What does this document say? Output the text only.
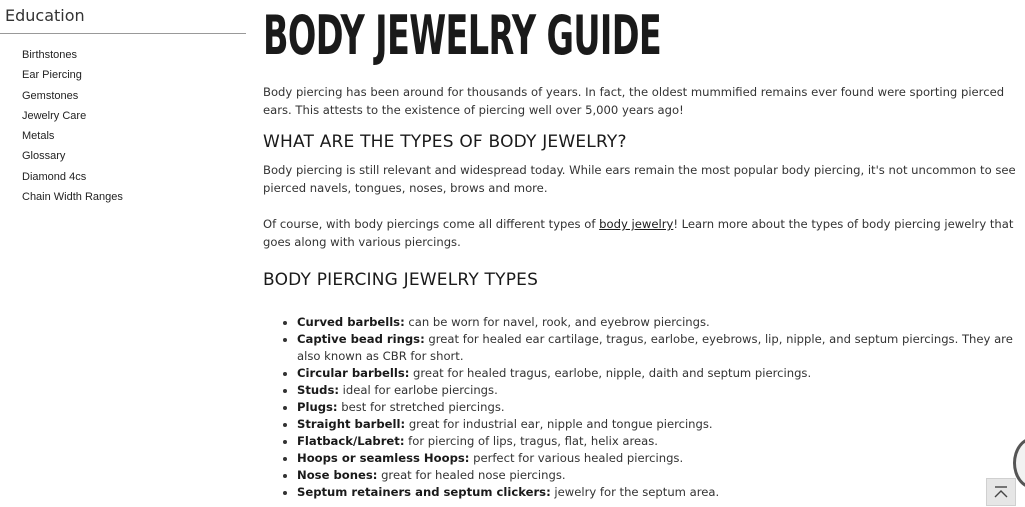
Education
Birthstones
Ear Piercing
Gemstones
Jewelry Care
Metals
Glossary
Diamond 4cs
Chain Width Ranges
BODY JEWELRY GUIDE

Body piercing has been around for thousands of years. In fact, the oldest mummified remains ever found were sporting pierced ears. This attests to the existence of piercing well over 5,000 years ago!

WHAT ARE THE TYPES OF BODY JEWELRY?

Body piercing is still relevant and widespread today. While ears remain the most popular body piercing, it's not uncommon to see pierced navels, tongues, noses, brows and more.

Of course, with body piercings come all different types of body jewelry! Learn more about the types of body piercing jewelry that goes along with various piercings.

BODY PIERCING JEWELRY TYPES
• Curved barbells: can be worn for navel, rook, and eyebrow piercings.
• Captive bead rings: great for healed ear cartilage, tragus, earlobe, eyebrows, lip, nipple, and septum piercings. They are also known as CBR for short.
• Circular barbells: great for healed tragus, earlobe, nipple, daith and septum piercings.
• Studs: ideal for earlobe piercings.
• Plugs: best for stretched piercings.
• Straight barbell: great for industrial ear, nipple and tongue piercings.
• Flatback/Labret: for piercing of lips, tragus, flat, helix areas.
• Hoops or seamless Hoops: perfect for various healed piercings.
• Nose bones: great for healed nose piercings.
• Septum retainers and septum clickers: jewelry for the septum area.
